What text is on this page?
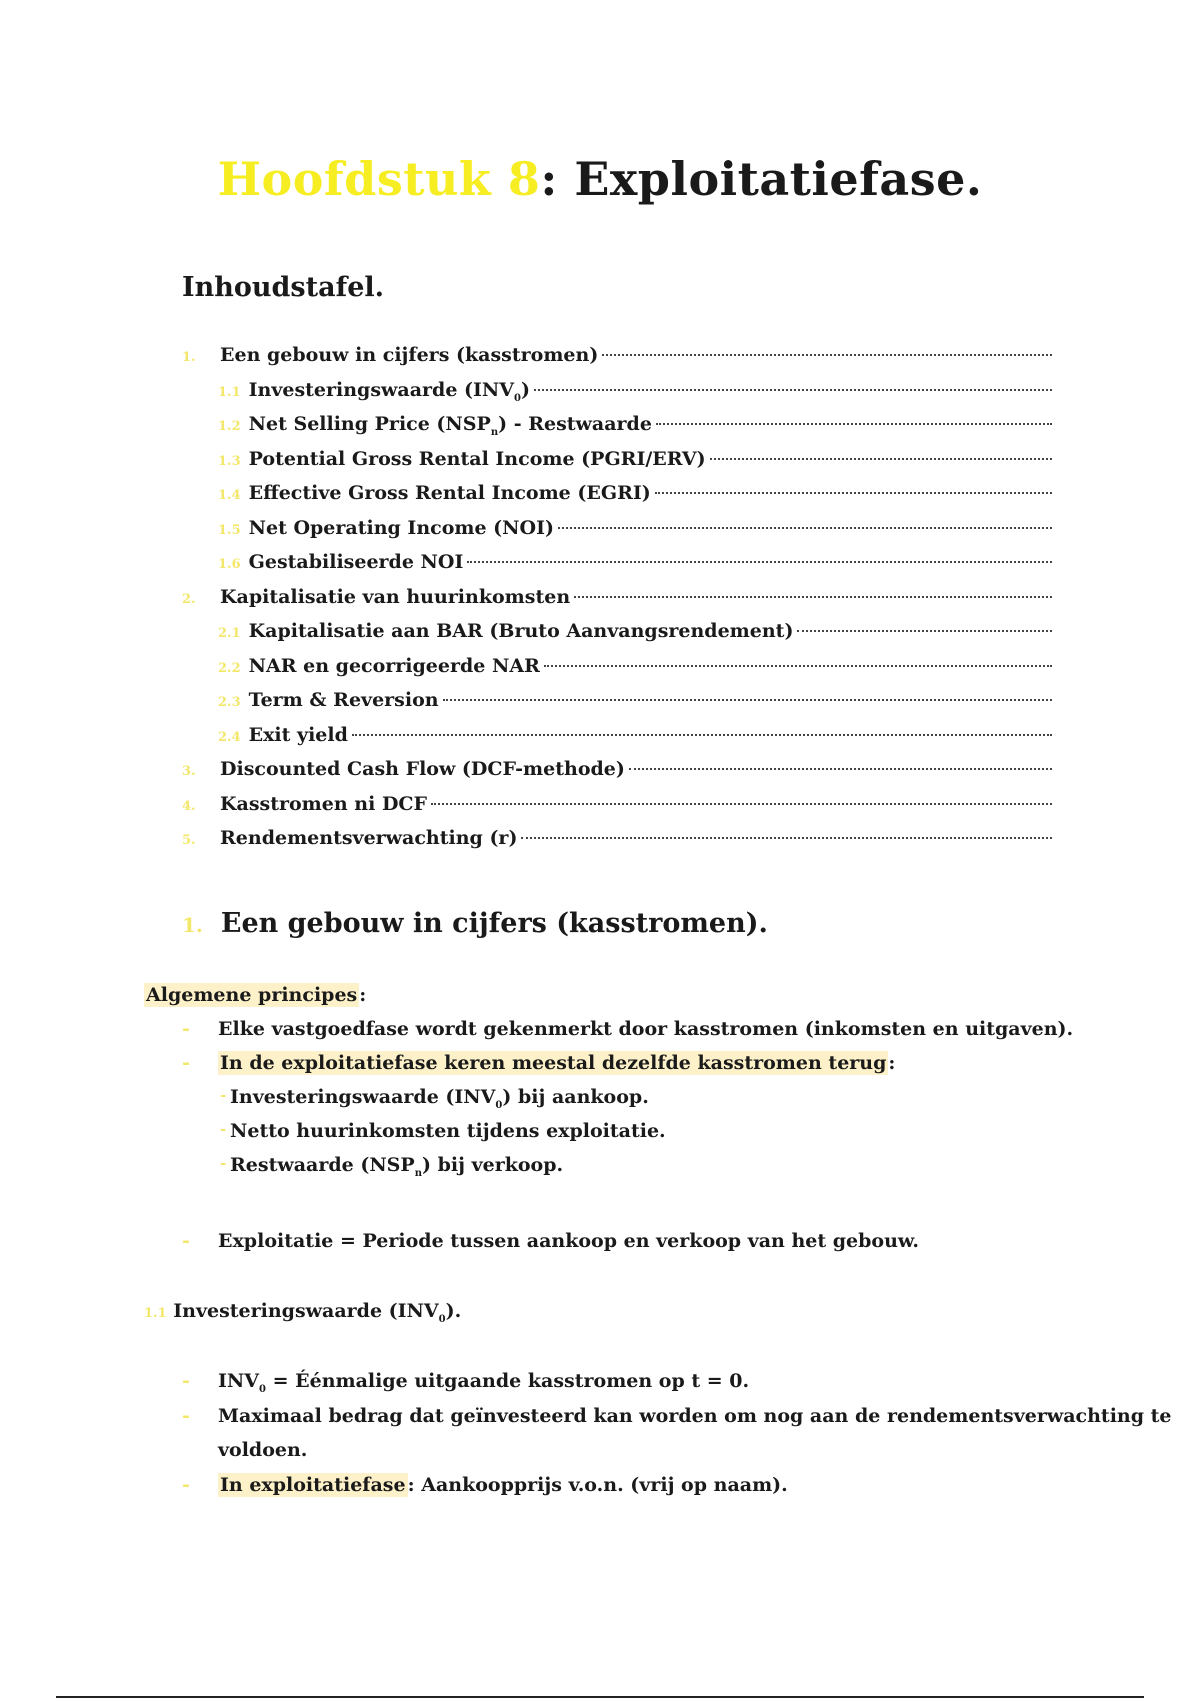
Hoofdstuk 8: Exploitatiefase.
Inhoudstafel.
1.	Een gebouw in cijfers (kasstromen)
1.1 Investeringswaarde $(INV_0)$
1.2 Net Selling Price $(NSP_n)$ - Restwaarde
1.3 Potential Gross Rental Income (PGRI/ERV)
1.4 Effective Gross Rental Income (EGRI)
1.5 Net Operating Income (NOI)
1.6 Gestabiliseerde NOI
2.	Kapitalisatie van huurinkomsten
2.1 Kapitalisatie aan BAR (Bruto Aanvangsrendement)
2.2 NAR en gecorrigeerde NAR
2.3 Term & Reversion
2.4 Exit yield
3.	Discounted Cash Flow (DCF-methode)
4.	Kasstromen ni DCF
5.	Rendementsverwachting (r)
1. Een gebouw in cijfers (kasstromen).
Algemene principes :
- Elke vastgoedfase wordt gekenmerkt door kasstromen (inkomsten en uitgaven).
- In de exploitatiefase keren meestal dezelfde kasstromen terug :
- Investeringswaarde $(INV_0)$ bij aankoop.
- Netto huurinkomsten tijdens exploitatie.
- Restwaarde $(NSP_n)$ bij verkoop.
- Exploitatie = Periode tussen aankoop en verkoop van het gebouw.
1.1 Investeringswaarde $(INV_0)$.
- $INV_0$ = Éénmalige uitgaande kasstromen op t = 0.
- Maximaal bedrag dat geïnvesteerd kan worden om nog aan de rendementsverwachting te
voldoen.
- In exploitatiefase : Aankoopprijs v.o.n. (vrij op naam).
